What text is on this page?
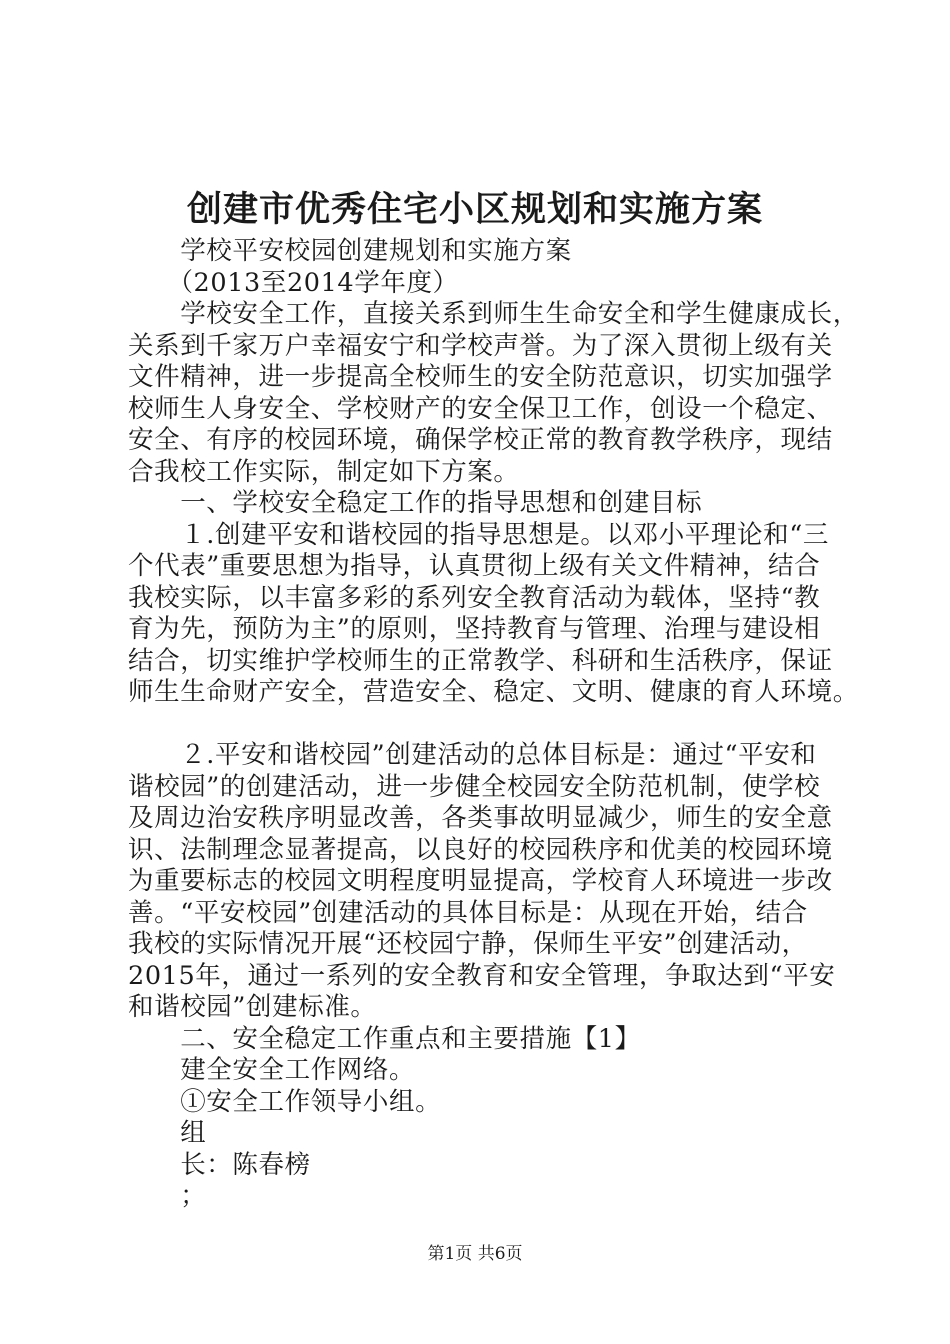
创建市优秀住宅小区规划和实施方案
　　学校平安校园创建规划和实施方案
　　（2013至2014学年度）
　　学校安全工作，直接关系到师生生命安全和学生健康成长，
关系到千家万户幸福安宁和学校声誉。为了深入贯彻上级有关
文件精神，进一步提高全校师生的安全防范意识，切实加强学
校师生人身安全、学校财产的安全保卫工作，创设一个稳定、
安全、有序的校园环境，确保学校正常的教育教学秩序，现结
合我校工作实际，制定如下方案。
　　一、学校安全稳定工作的指导思想和创建目标
　　１.创建平安和谐校园的指导思想是。以邓小平理论和“三
个代表”重要思想为指导，认真贯彻上级有关文件精神，结合
我校实际，以丰富多彩的系列安全教育活动为载体，坚持“教
育为先，预防为主”的原则，坚持教育与管理、治理与建设相
结合，切实维护学校师生的正常教学、科研和生活秩序，保证
师生生命财产安全，营造安全、稳定、文明、健康的育人环境。
　　２.平安和谐校园”创建活动的总体目标是：通过“平安和
谐校园”的创建活动，进一步健全校园安全防范机制，使学校
及周边治安秩序明显改善，各类事故明显减少，师生的安全意
识、法制理念显著提高，以良好的校园秩序和优美的校园环境
为重要标志的校园文明程度明显提高，学校育人环境进一步改
善。“平安校园”创建活动的具体目标是：从现在开始，结合
我校的实际情况开展“还校园宁静，保师生平安”创建活动，
2015年，通过一系列的安全教育和安全管理，争取达到“平安
和谐校园”创建标准。
　　二、安全稳定工作重点和主要措施【1】
　　建全安全工作网络。
　　①安全工作领导小组。
　　组
　　长：陈春榜
　　；
第1页 共6页
